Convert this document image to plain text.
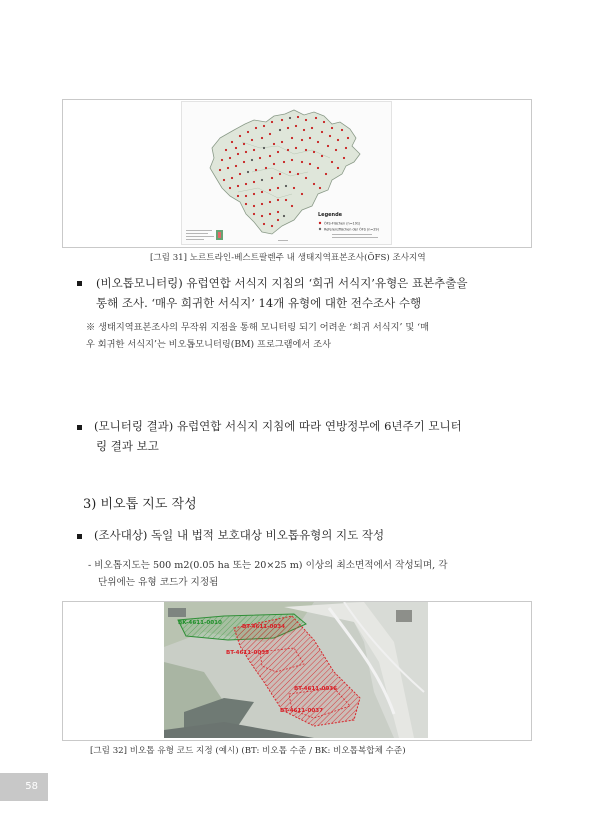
Legende
ÖFS-Flächen (n=191)
Referenzflächen der ÖFS (n=29)
[그림 31] 노르트라인-베스트팔렌주 내 생태지역표본조사(ÖFS) 조사지역
(비오톱모니터링) 유럽연합 서식지 지침의 ‘희귀 서식지’유형은 표본추출을
통해 조사. ‘매우 희귀한 서식지’ 14개 유형에 대한 전수조사 수행
※ 생태지역표본조사의 무작위 지점을 통해 모니터링 되기 어려운 ‘희귀 서식지’ 및 ‘매
우 회귀한 서식지’는 비오톱모니터링(BM) 프로그램에서 조사
(모니터링 결과) 유럽연합 서식지 지침에 따라 연방정부에 6년주기 모니터
링 결과 보고
3) 비오톱 지도 작성
(조사대상) 독일 내 법적 보호대상 비오톱유형의 지도 작성
- 비오톱지도는 500 m2(0.05 ha 또는 20×25 m) 이상의 최소면적에서 작성되며, 각
단위에는 유형 코드가 지정됨
BK-4611-0010
BT-4611-0034
BT-4611-0035
BT-4611-0036
BT-4611-0037
[그림 32] 비오톱 유형 코드 지정 (예시) (BT: 비오톱 수준 / BK: 비오톱복합체 수준)
58
